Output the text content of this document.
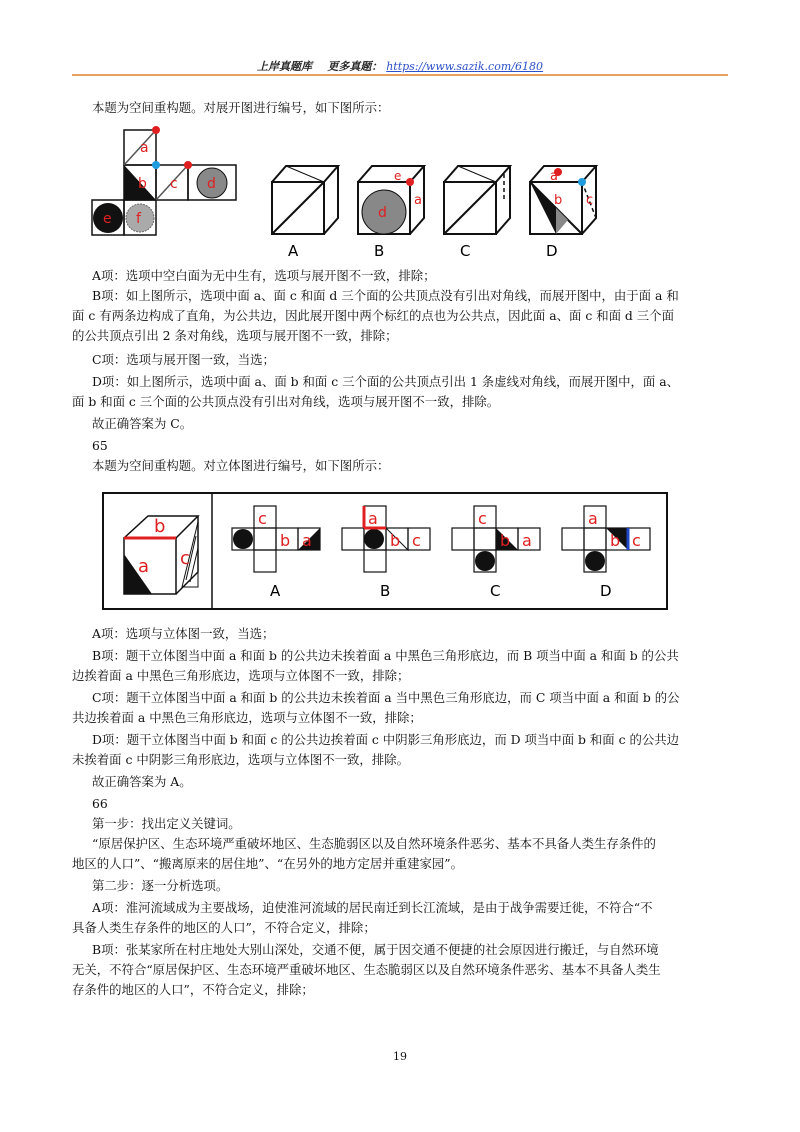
上岸真题库 更多真题： https://www.sazik.com/6180

本题为空间重构题。对展开图进行编号，如下图所示：

a
b c d
e f	d
e
a
a
b c
A	B	C	D

A项：选项中空白面为无中生有，选项与展开图不一致，排除；

B项：如上图所示，选项中面 a、面 c 和面 d 三个面的公共顶点没有引出对角线，而展开图中，由于面 a 和

面 c 有两条边构成了直角，为公共边，因此展开图中两个标红的点也为公共点，因此面 a、面 c 和面 d 三个面

的公共顶点引出 2 条对角线，选项与展开图不一致，排除；

C项：选项与展开图一致，当选；

D项：如上图所示，选项中面 a、面 b 和面 c 三个面的公共顶点引出 1 条虚线对角线，而展开图中，面 a、

面 b 和面 c 三个面的公共顶点没有引出对角线，选项与展开图不一致，排除。

故正确答案为 C。

65

本题为空间重构题。对立体图进行编号，如下图所示：

b
a c
c
b a
a
b c
c
b a
a
b c
A	B	C	D

A项：选项与立体图一致，当选；

B项：题干立体图当中面 a 和面 b 的公共边未挨着面 a 中黑色三角形底边，而 B 项当中面 a 和面 b 的公共

边挨着面 a 中黑色三角形底边，选项与立体图不一致，排除；

C项：题干立体图当中面 a 和面 b 的公共边未挨着面 a 当中黑色三角形底边，而 C 项当中面 a 和面 b 的公

共边挨着面 a 中黑色三角形底边，选项与立体图不一致，排除；

D项：题干立体图当中面 b 和面 c 的公共边挨着面 c 中阴影三角形底边，而 D 项当中面 b 和面 c 的公共边

未挨着面 c 中阴影三角形底边，选项与立体图不一致，排除。

故正确答案为 A。

66

第一步：找出定义关键词。

“原居保护区、生态环境严重破坏地区、生态脆弱区以及自然环境条件恶劣、基本不具备人类生存条件的

地区的人口”、“搬离原来的居住地”、“在另外的地方定居并重建家园”。

第二步：逐一分析选项。

A项：淮河流域成为主要战场，迫使淮河流域的居民南迁到长江流域，是由于战争需要迁徙，不符合“不

具备人类生存条件的地区的人口”，不符合定义，排除；

B项：张某家所在村庄地处大别山深处，交通不便，属于因交通不便捷的社会原因进行搬迁，与自然环境

无关，不符合“原居保护区、生态环境严重破坏地区、生态脆弱区以及自然环境条件恶劣、基本不具备人类生

存条件的地区的人口”，不符合定义，排除；

19
